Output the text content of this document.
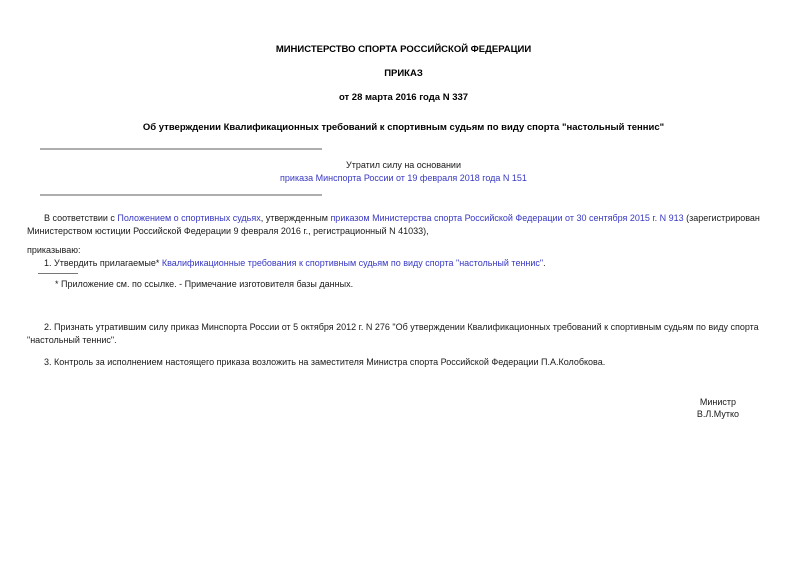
МИНИСТЕРСТВО СПОРТА РОССИЙСКОЙ ФЕДЕРАЦИИ
ПРИКАЗ
от 28 марта 2016 года N 337
Об утверждении Квалификационных требований к спортивным судьям по виду спорта "настольный теннис"
Утратил силу на основании
приказа Минспорта России от 19 февраля 2018 года N 151

В соответствии с Положением о спортивных судьях, утвержденным приказом Министерства спорта Российской Федерации от 30 сентября 2015 г. N 913 (зарегистрирован Министерством юстиции Российской Федерации 9 февраля 2016 г., регистрационный N 41033),

приказываю:

1. Утвердить прилагаемые* Квалификационные требования к спортивным судьям по виду спорта "настольный теннис".

* Приложение см. по ссылке. - Примечание изготовителя базы данных.

2. Признать утратившим силу приказ Минспорта России от 5 октября 2012 г. N 276 "Об утверждении Квалификационных требований к спортивным судьям по виду спорта "настольный теннис".

3. Контроль за исполнением настоящего приказа возложить на заместителя Министра спорта Российской Федерации П.А.Колобкова.

Министр
В.Л.Мутко
